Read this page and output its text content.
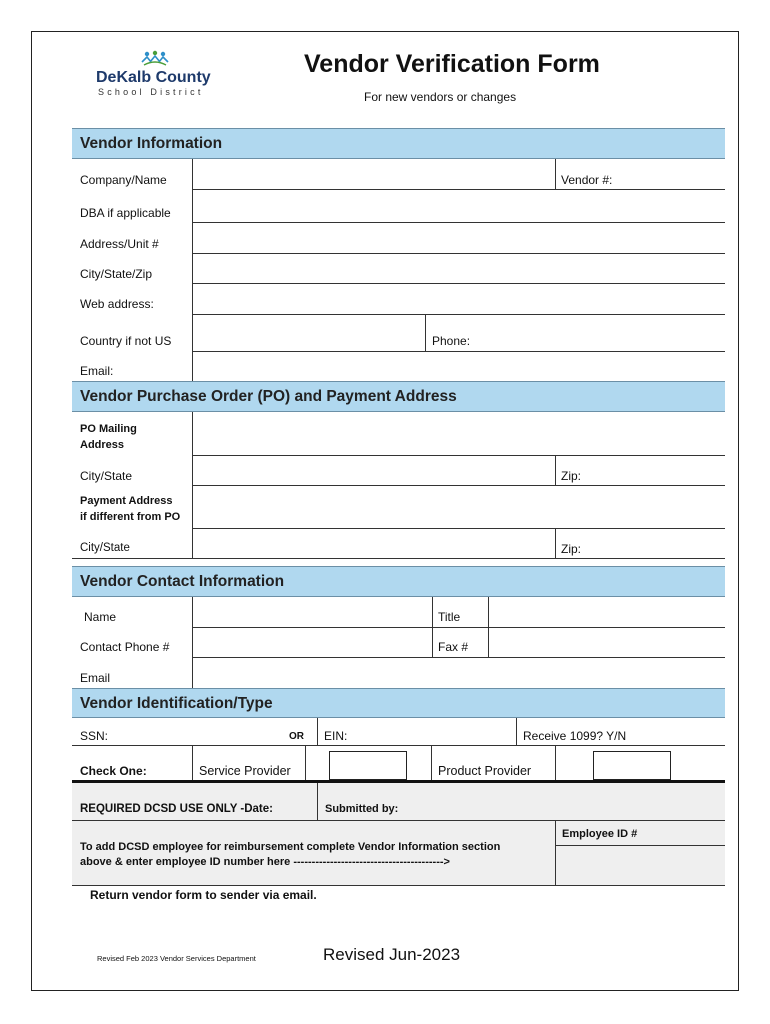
DeKalb County
School District
Vendor Verification Form
For new vendors or changes
Vendor Information
Company/Name	Vendor #:
DBA if applicable
Address/Unit #
City/State/Zip
Web address:
Country if not US	Phone:
Email:
Vendor Purchase Order (PO) and Payment Address
PO Mailing
Address
City/State	Zip:
Payment Address
if different from PO
City/State	Zip:
Vendor Contact Information
Name	Title
Contact Phone #	Fax #
Email
Vendor Identification/Type
SSN:	OR EIN:	Receive 1099? Y/N
Check One:	Service Provider	Product Provider
REQUIRED DCSD USE ONLY -Date:	Submitted by:
To add DCSD employee for reimbursement complete Vendor Information section
above & enter employee ID number here ----------------------------------------->
Employee ID #
Return vendor form to sender via email.
Revised Feb 2023 Vendor Services Department	Revised Jun-2023
